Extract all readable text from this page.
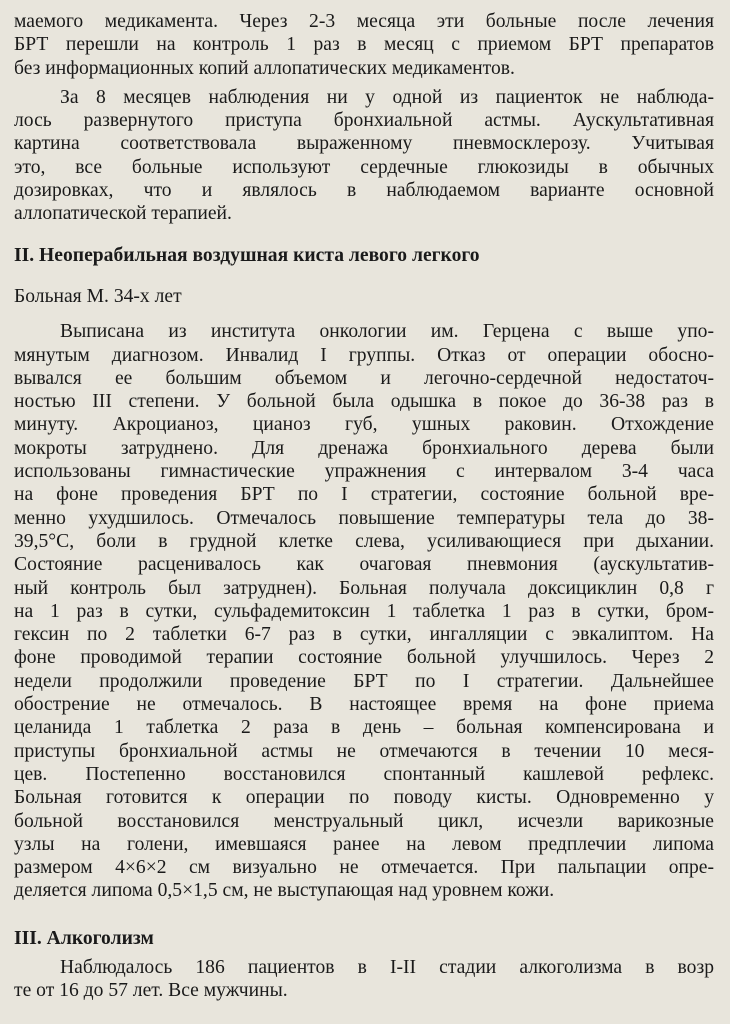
маемого медикамента. Через 2-3 месяца эти больные после лечения
БРТ перешли на контроль 1 раз в месяц с приемом БРТ препаратов
без информационных копий аллопатических медикаментов.
За 8 месяцев наблюдения ни у одной из пациенток не наблюда-
лось развернутого приступа бронхиальной астмы. Аускультативная
картина соответствовала выраженному пневмосклерозу. Учитывая
это, все больные используют сердечные глюкозиды в обычных
дозировках, что и являлось в наблюдаемом варианте основной
аллопатической терапией.
II. Неоперабильная воздушная киста левого легкого
Больная М. 34-х лет
Выписана из института онкологии им. Герцена с выше упо-
мянутым диагнозом. Инвалид I группы. Отказ от операции обосно-
вывался ее большим объемом и легочно-сердечной недостаточ-
ностью III степени. У больной была одышка в покое до 36-38 раз в
минуту. Акроцианоз, цианоз губ, ушных раковин. Отхождение
мокроты затруднено. Для дренажа бронхиального дерева были
использованы гимнастические упражнения с интервалом 3-4 часа
на фоне проведения БРТ по I стратегии, состояние больной вре-
менно ухудшилось. Отмечалось повышение температуры тела до 38-
39,5°С, боли в грудной клетке слева, усиливающиеся при дыхании.
Состояние расценивалось как очаговая пневмония (аускультатив-
ный контроль был затруднен). Больная получала доксициклин 0,8 г
на 1 раз в сутки, сульфадемитоксин 1 таблетка 1 раз в сутки, бром-
гексин по 2 таблетки 6-7 раз в сутки, ингалляции с эвкалиптом. На
фоне проводимой терапии состояние больной улучшилось. Через 2
недели продолжили проведение БРТ по I стратегии. Дальнейшее
обострение не отмечалось. В настоящее время на фоне приема
целанида 1 таблетка 2 раза в день – больная компенсирована и
приступы бронхиальной астмы не отмечаются в течении 10 меся-
цев. Постепенно восстановился спонтанный кашлевой рефлекс.
Больная готовится к операции по поводу кисты. Одновременно у
больной восстановился менструальный цикл, исчезли варикозные
узлы на голени, имевшаяся ранее на левом предплечии липома
размером 4×6×2 см визуально не отмечается. При пальпации опре-
деляется липома 0,5×1,5 см, не выступающая над уровнем кожи.
III. Алкоголизм
Наблюдалось 186 пациентов в I-II стадии алкоголизма в возр
те от 16 до 57 лет. Все мужчины.
